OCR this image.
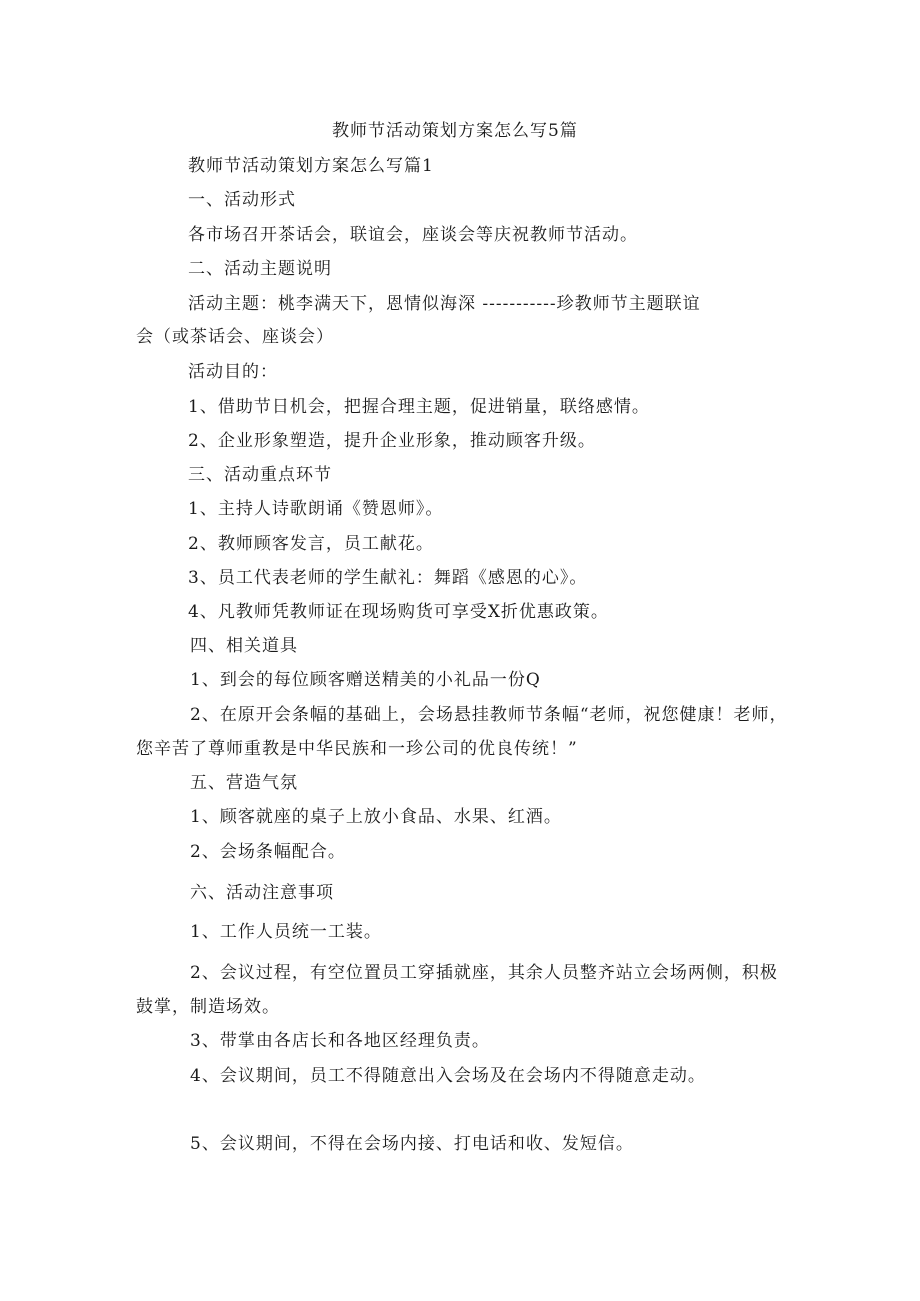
教师节活动策划方案怎么写5篇
教师节活动策划方案怎么写篇1
一、活动形式
各市场召开茶话会，联谊会，座谈会等庆祝教师节活动。
二、活动主题说明
活动主题：桃李满天下，恩情似海深 -----------珍教师节主题联谊
会（或茶话会、座谈会）
活动目的：
1、借助节日机会，把握合理主题，促进销量，联络感情。
2、企业形象塑造，提升企业形象，推动顾客升级。
三、活动重点环节
1、主持人诗歌朗诵《赞恩师》。
2、教师顾客发言，员工献花。
3、员工代表老师的学生献礼：舞蹈《感恩的心》。
4、凡教师凭教师证在现场购货可享受X折优惠政策。
四、相关道具
1、到会的每位顾客赠送精美的小礼品一份Q
2、在原开会条幅的基础上，会场悬挂教师节条幅“老师，祝您健康！老师，
您辛苦了尊师重教是中华民族和一珍公司的优良传统！”
五、营造气氛
1、顾客就座的桌子上放小食品、水果、红酒。
2、会场条幅配合。
六、活动注意事项
1、工作人员统一工装。
2、会议过程，有空位置员工穿插就座，其余人员整齐站立会场两侧，积极
鼓掌，制造场效。
3、带掌由各店长和各地区经理负责。
4、会议期间，员工不得随意出入会场及在会场内不得随意走动。
5、会议期间，不得在会场内接、打电话和收、发短信。
